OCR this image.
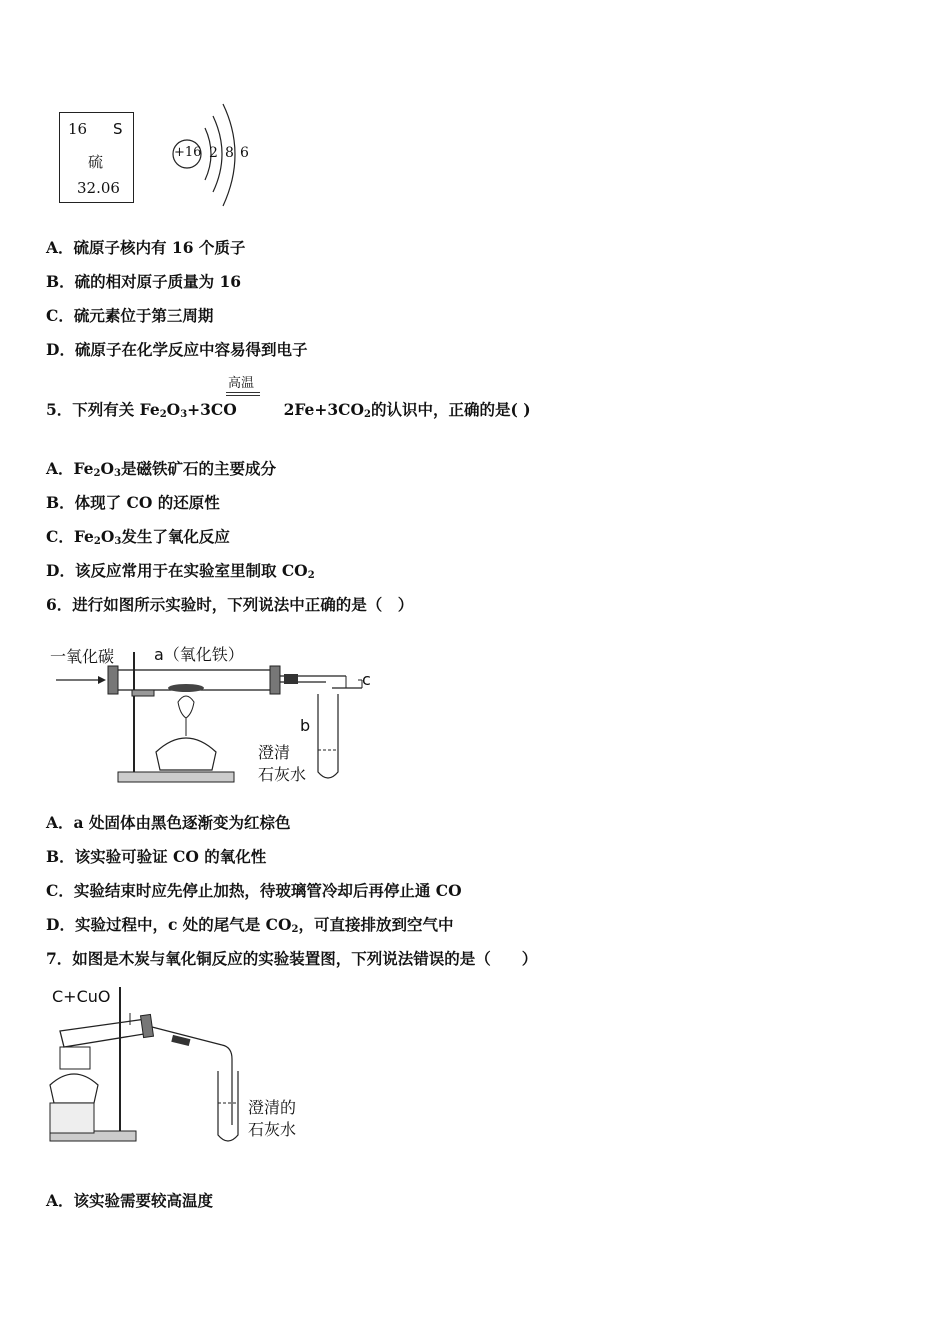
16 S
硫
32.06
+16 2 8 6
A．硫原子核内有 16 个质子
B．硫的相对原子质量为 16
C．硫元素位于第三周期
D．硫原子在化学反应中容易得到电子
5．下列有关 $Fe_2O_3+3CO$	$2Fe+3CO_2$的认识中，正确的是( )
高温
A．$Fe_2O_3$是磁铁矿石的主要成分
B．体现了 CO 的还原性
C．$Fe_2O_3$发生了氧化反应
D．该反应常用于在实验室里制取 $CO_2$
6．进行如图所示实验时，下列说法中正确的是（　）
一氧化碳 a（氧化铁）
c
b
澄清
石灰水
A．a 处固体由黑色逐渐变为红棕色
B．该实验可验证 CO 的氧化性
C．实验结束时应先停止加热，待玻璃管冷却后再停止通 CO
D．实验过程中，c 处的尾气是 $CO_2$，可直接排放到空气中
7．如图是木炭与氧化铜反应的实验装置图，下列说法错误的是（　　）
C+CuO
澄清的
石灰水
A．该实验需要较高温度
